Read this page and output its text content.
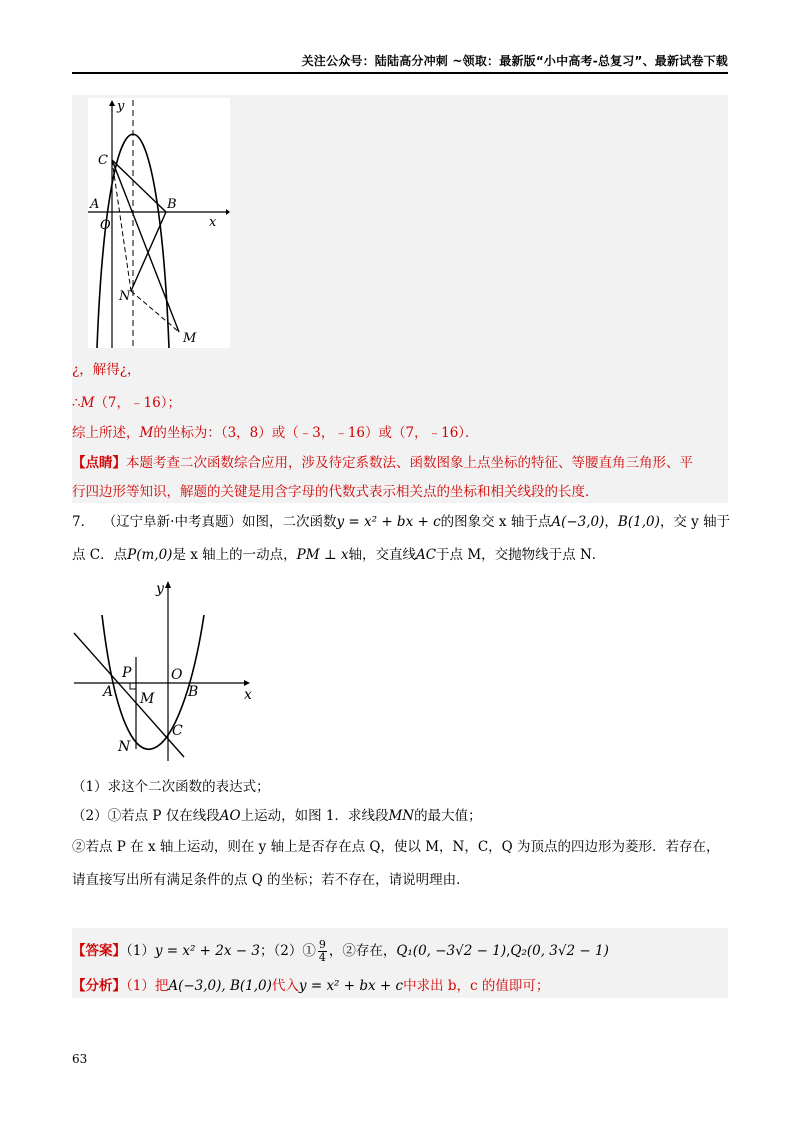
关注公众号：陆陆高分冲刺 ~领取：最新版“小中高考-总复习”、最新试卷下载
y
x
C
A
O
B
N
M
¿，解得¿，
∴M（7，﹣16）；
综上所述，M的坐标为：（3，8）或（﹣3，﹣16）或（7，﹣16）．
【点睛】本题考查二次函数综合应用，涉及待定系数法、函数图象上点坐标的特征、等腰直角三角形、平
行四边形等知识，解题的关键是用含字母的代数式表示相关点的坐标和相关线段的长度．
7． （辽宁阜新·中考真题）如图，二次函数y = x² + bx + c的图象交 x 轴于点A(−3,0)，B(1,0)，交 y 轴于
点 C．点P(m,0)是 x 轴上的一动点，PM ⊥ x轴，交直线AC于点 M，交抛物线于点 N．
y
x
P	O
A M B
C
N
（1）求这个二次函数的表达式；
（2）①若点 P 仅在线段AO上运动，如图 1．求线段MN的最大值；
②若点 P 在 x 轴上运动，则在 y 轴上是否存在点 Q，使以 M，N，C，Q 为顶点的四边形为菱形．若存在，
请直接写出所有满足条件的点 Q 的坐标；若不存在，请说明理由．
【答案】（1）y = x² + 2x − 3；（2）① $\frac{9}{4}$ ，②存在，Q₁(0, −3√2 − 1),Q₂(0, 3√2 − 1)
【分析】（1）把A(−3,0), B(1,0)代入y = x² + bx + c中求出 b，c 的值即可；
63
